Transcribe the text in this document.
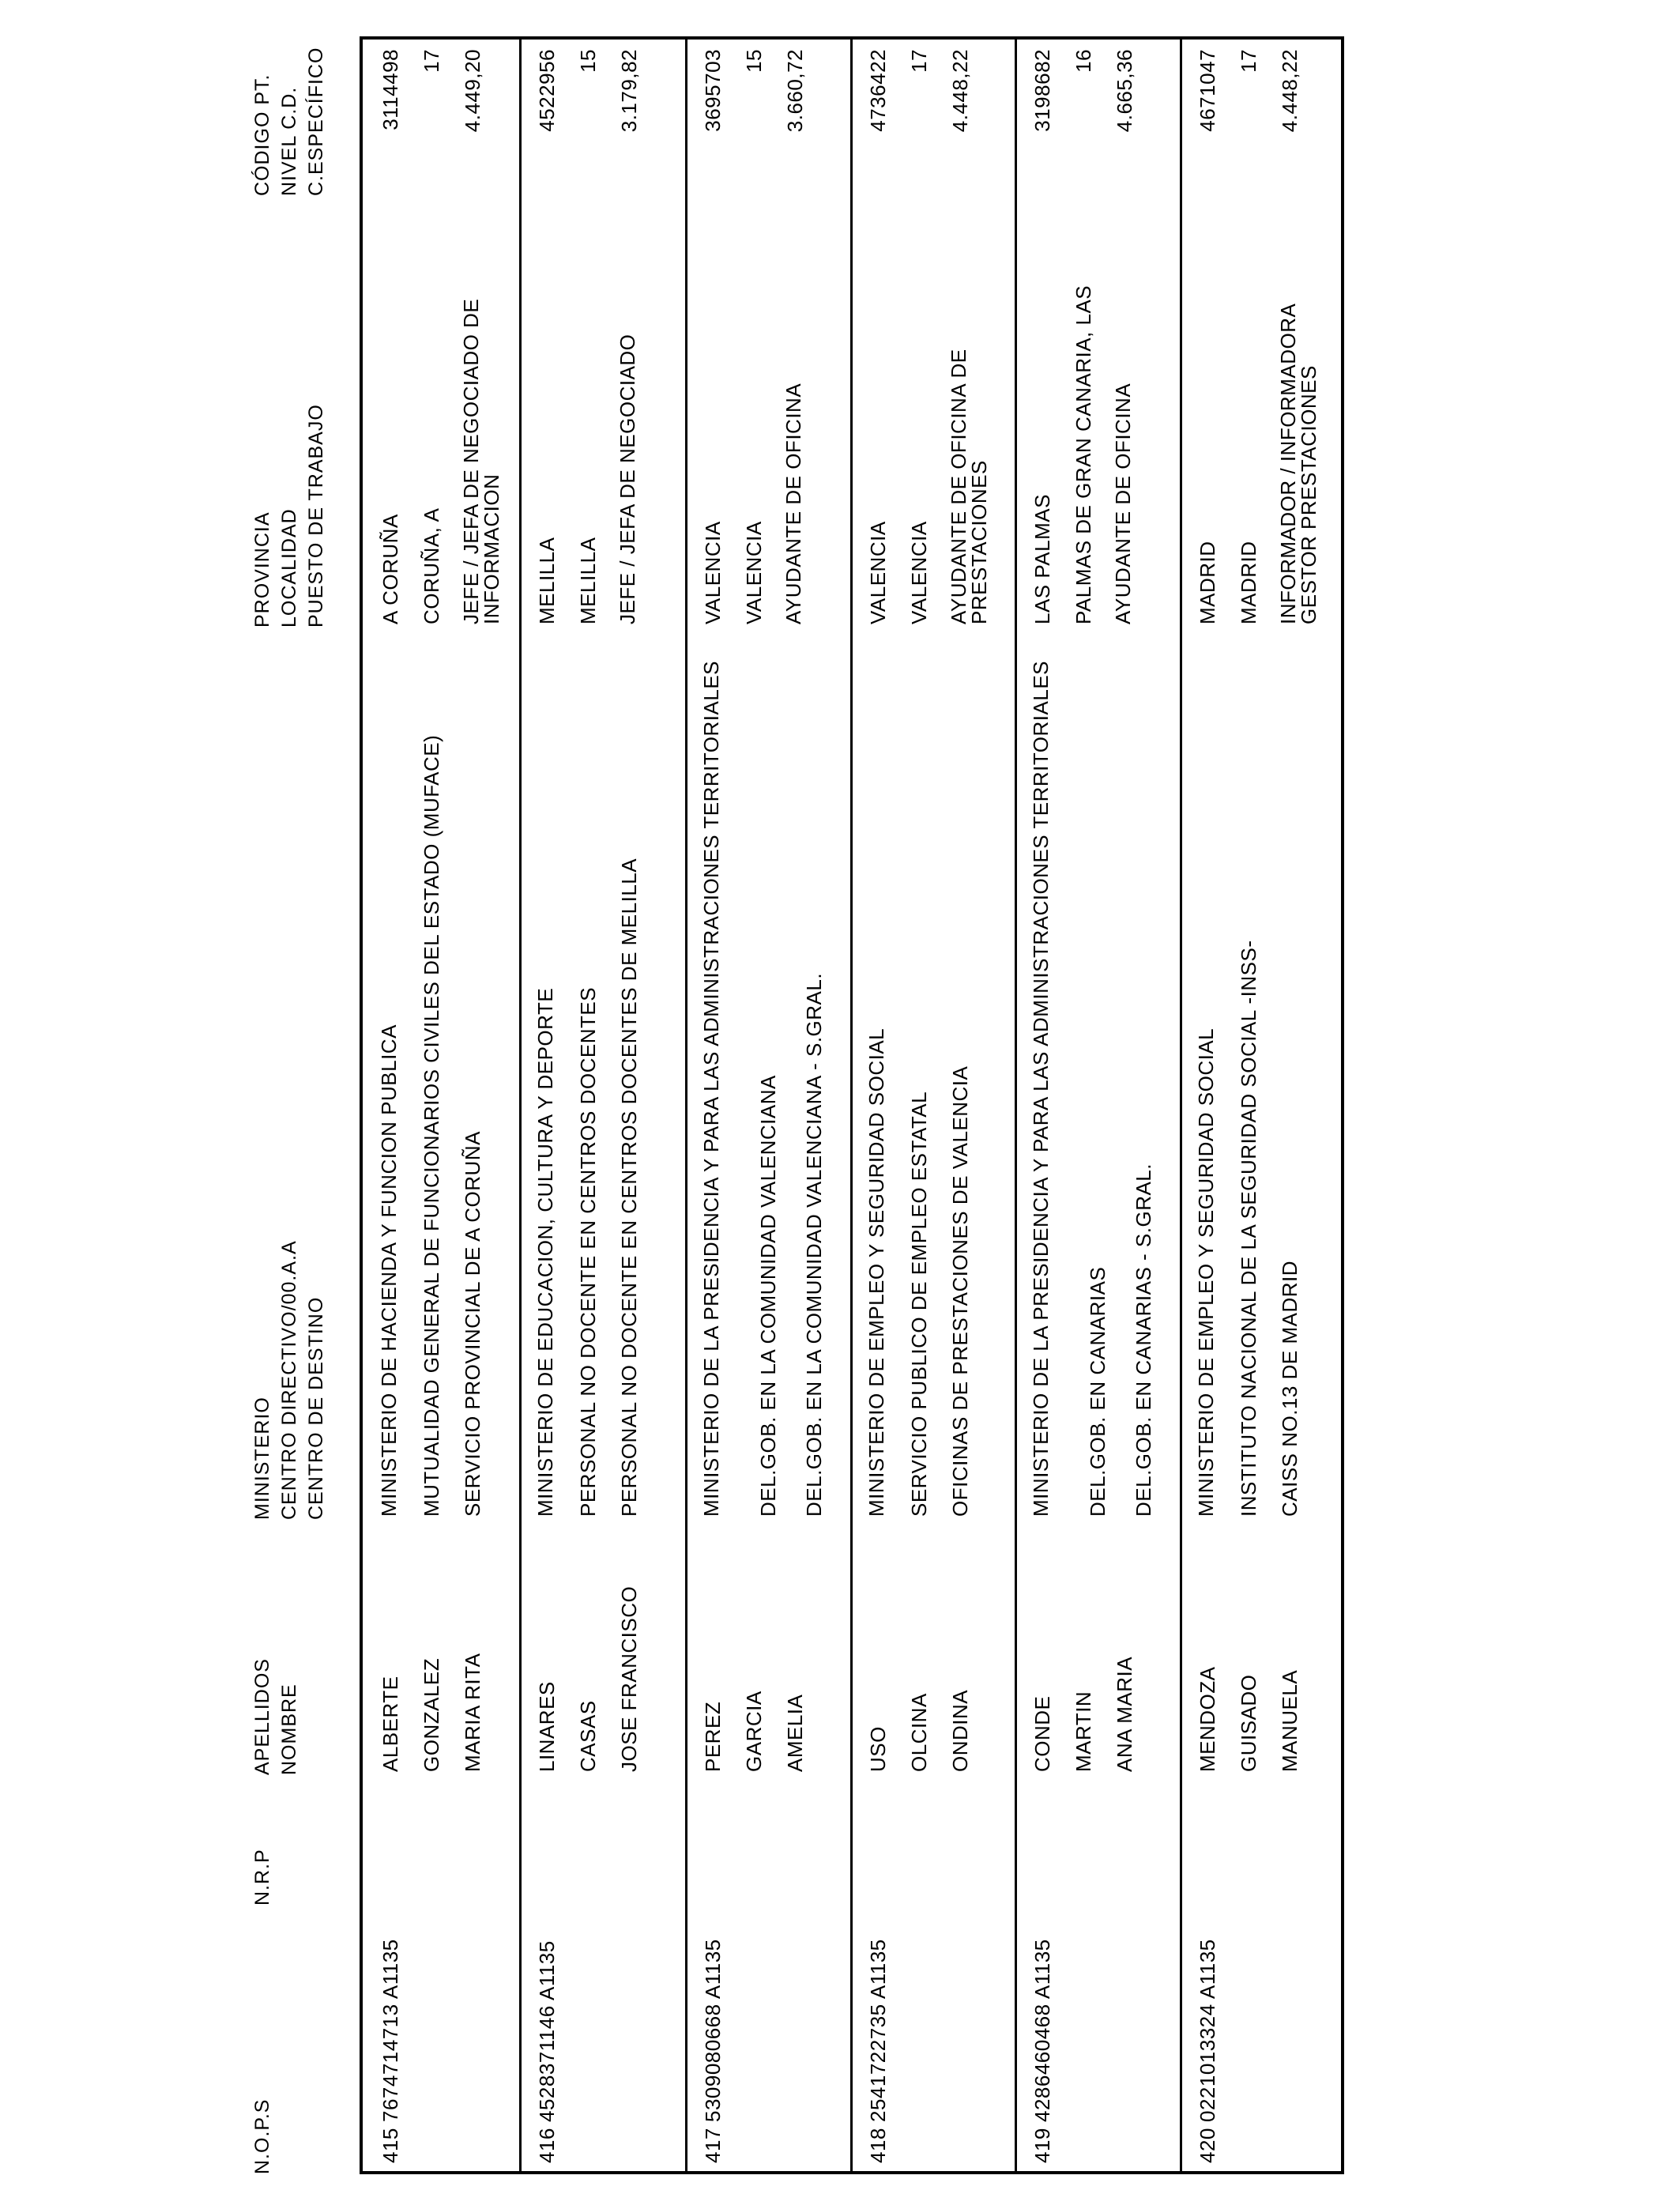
N.O.P.S
N.R.P
APELLIDOS NOMBRE
MINISTERIO CENTRO DIRECTIVO/00.A.A CENTRO DE DESTINO
PROVINCIA LOCALIDAD PUESTO DE TRABAJO
CÓDIGO PT. NIVEL C.D. C.ESPECÍFICO
415
7674714713 A1135
ALBERTE GONZALEZ MARIA RITA
MINISTERIO DE HACIENDA Y FUNCION PUBLICA MUTUALIDAD GENERAL DE FUNCIONARIOS CIVILES DEL ESTADO (MUFACE) SERVICIO PROVINCIAL DE A CORUÑA
A CORUÑA CORUÑA, A JEFE / JEFA DE NEGOCIADO DE INFORMACION
3114498 17 4.449,20
416
4528371146 A1135
LINARES CASAS JOSE FRANCISCO
MINISTERIO DE EDUCACION, CULTURA Y DEPORTE PERSONAL NO DOCENTE EN CENTROS DOCENTES PERSONAL NO DOCENTE EN CENTROS DOCENTES DE MELILLA
MELILLA MELILLA JEFE / JEFA DE NEGOCIADO
4522956 15 3.179,82
417
5309080668 A1135
PEREZ GARCIA AMELIA
MINISTERIO DE LA PRESIDENCIA Y PARA LAS ADMINISTRACIONES TERRITORIALES DEL.GOB. EN LA COMUNIDAD VALENCIANA DEL.GOB. EN LA COMUNIDAD VALENCIANA - S.GRAL.
VALENCIA VALENCIA AYUDANTE DE OFICINA
3695703 15 3.660,72
418
2541722735 A1135
USO OLCINA ONDINA
MINISTERIO DE EMPLEO Y SEGURIDAD SOCIAL SERVICIO PUBLICO DE EMPLEO ESTATAL OFICINAS DE PRESTACIONES DE VALENCIA
VALENCIA VALENCIA AYUDANTE DE OFICINA DE PRESTACIONES
4736422 17 4.448,22
419
4286460468 A1135
CONDE MARTIN ANA MARIA
MINISTERIO DE LA PRESIDENCIA Y PARA LAS ADMINISTRACIONES TERRITORIALES DEL.GOB. EN CANARIAS DEL.GOB. EN CANARIAS - S.GRAL.
LAS PALMAS PALMAS DE GRAN CANARIA, LAS AYUDANTE DE OFICINA
3198682 16 4.665,36
420
0221013324 A1135
MENDOZA GUISADO MANUELA
MINISTERIO DE EMPLEO Y SEGURIDAD SOCIAL INSTITUTO NACIONAL DE LA SEGURIDAD SOCIAL -INSS- CAISS NO.13 DE MADRID
MADRID MADRID INFORMADOR / INFORMADORA GESTOR PRESTACIONES
4671047 17 4.448,22
